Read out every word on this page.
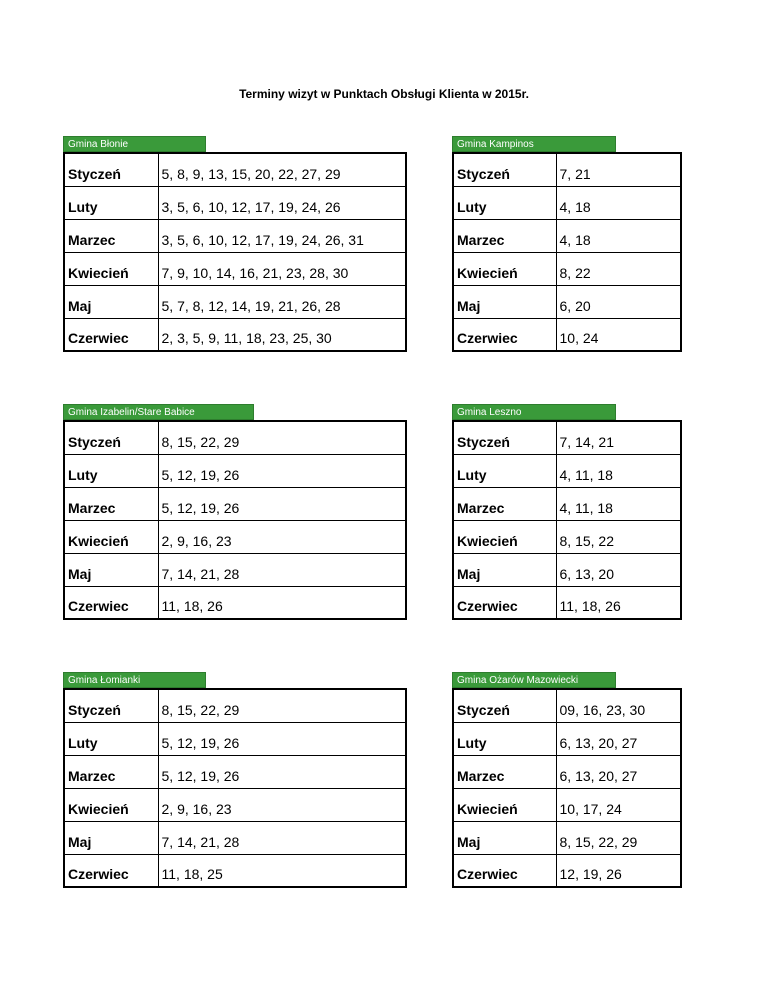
Terminy wizyt w Punktach Obsługi Klienta w 2015r.
Gmina Błonie
Styczeń	5, 8, 9, 13, 15, 20, 22, 27, 29
Luty	3, 5, 6, 10, 12, 17, 19, 24, 26
Marzec	3, 5, 6, 10, 12, 17, 19, 24, 26, 31
Kwiecień	7, 9, 10, 14, 16, 21, 23, 28, 30
Maj	5, 7, 8, 12, 14, 19, 21, 26, 28
Czerwiec	2, 3, 5, 9, 11, 18, 23, 25, 30
Gmina Kampinos
Styczeń	7, 21
Luty	4, 18
Marzec	4, 18
Kwiecień	8, 22
Maj	6, 20
Czerwiec	10, 24
Gmina Izabelin/Stare Babice
Styczeń	8, 15, 22, 29
Luty	5, 12, 19, 26
Marzec	5, 12, 19, 26
Kwiecień	2, 9, 16, 23
Maj	7, 14, 21, 28
Czerwiec	11, 18, 26
Gmina Leszno
Styczeń	7, 14, 21
Luty	4, 11, 18
Marzec	4, 11, 18
Kwiecień	8, 15, 22
Maj	6, 13, 20
Czerwiec	11, 18, 26
Gmina Łomianki
Styczeń	8, 15, 22, 29
Luty	5, 12, 19, 26
Marzec	5, 12, 19, 26
Kwiecień	2, 9, 16, 23
Maj	7, 14, 21, 28
Czerwiec	11, 18, 25
Gmina Ożarów Mazowiecki
Styczeń	09, 16, 23, 30
Luty	6, 13, 20, 27
Marzec	6, 13, 20, 27
Kwiecień	10, 17, 24
Maj	8, 15, 22, 29
Czerwiec	12, 19, 26
